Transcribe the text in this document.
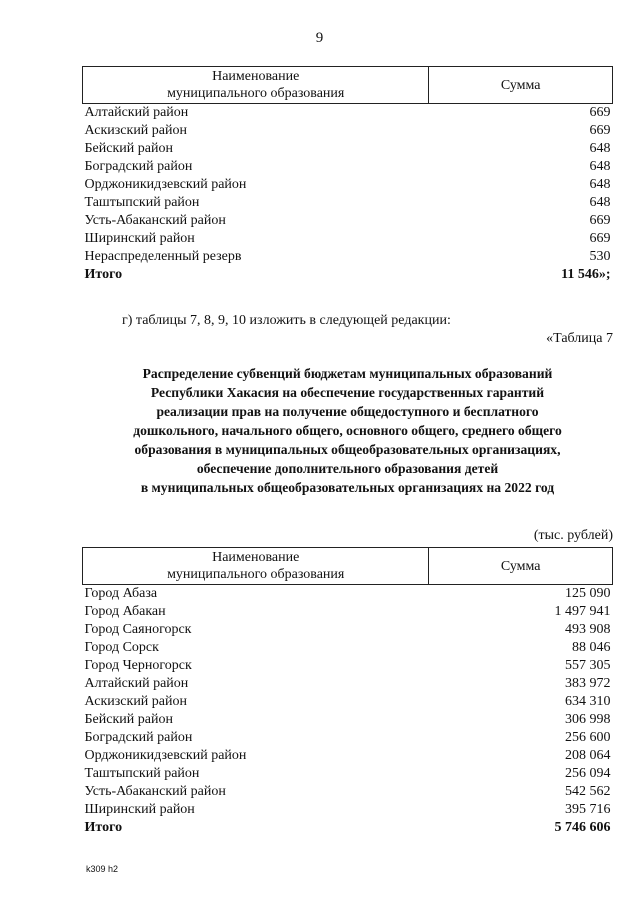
9
Наименование
муниципального образования	Сумма
Алтайский район	669
Аскизский район	669
Бейский район	648
Боградский район	648
Орджоникидзевский район	648
Таштыпский район	648
Усть-Абаканский район	669
Ширинский район	669
Нераспределенный резерв	530
Итого	11 546»;
г) таблицы 7, 8, 9, 10 изложить в следующей редакции:
«Таблица 7
Распределение субвенций бюджетам муниципальных образований
Республики Хакасия на обеспечение государственных гарантий
реализации прав на получение общедоступного и бесплатного
дошкольного, начального общего, основного общего, среднего общего
образования в муниципальных общеобразовательных организациях,
обеспечение дополнительного образования детей
в муниципальных общеобразовательных организациях на 2022 год
(тыс. рублей)
Наименование
муниципального образования	Сумма
Город Абаза	125 090
Город Абакан	1 497 941
Город Саяногорск	493 908
Город Сорск	88 046
Город Черногорск	557 305
Алтайский район	383 972
Аскизский район	634 310
Бейский район	306 998
Боградский район	256 600
Орджоникидзевский район	208 064
Таштыпский район	256 094
Усть-Абаканский район	542 562
Ширинский район	395 716
Итого	5 746 606
k309 h2
